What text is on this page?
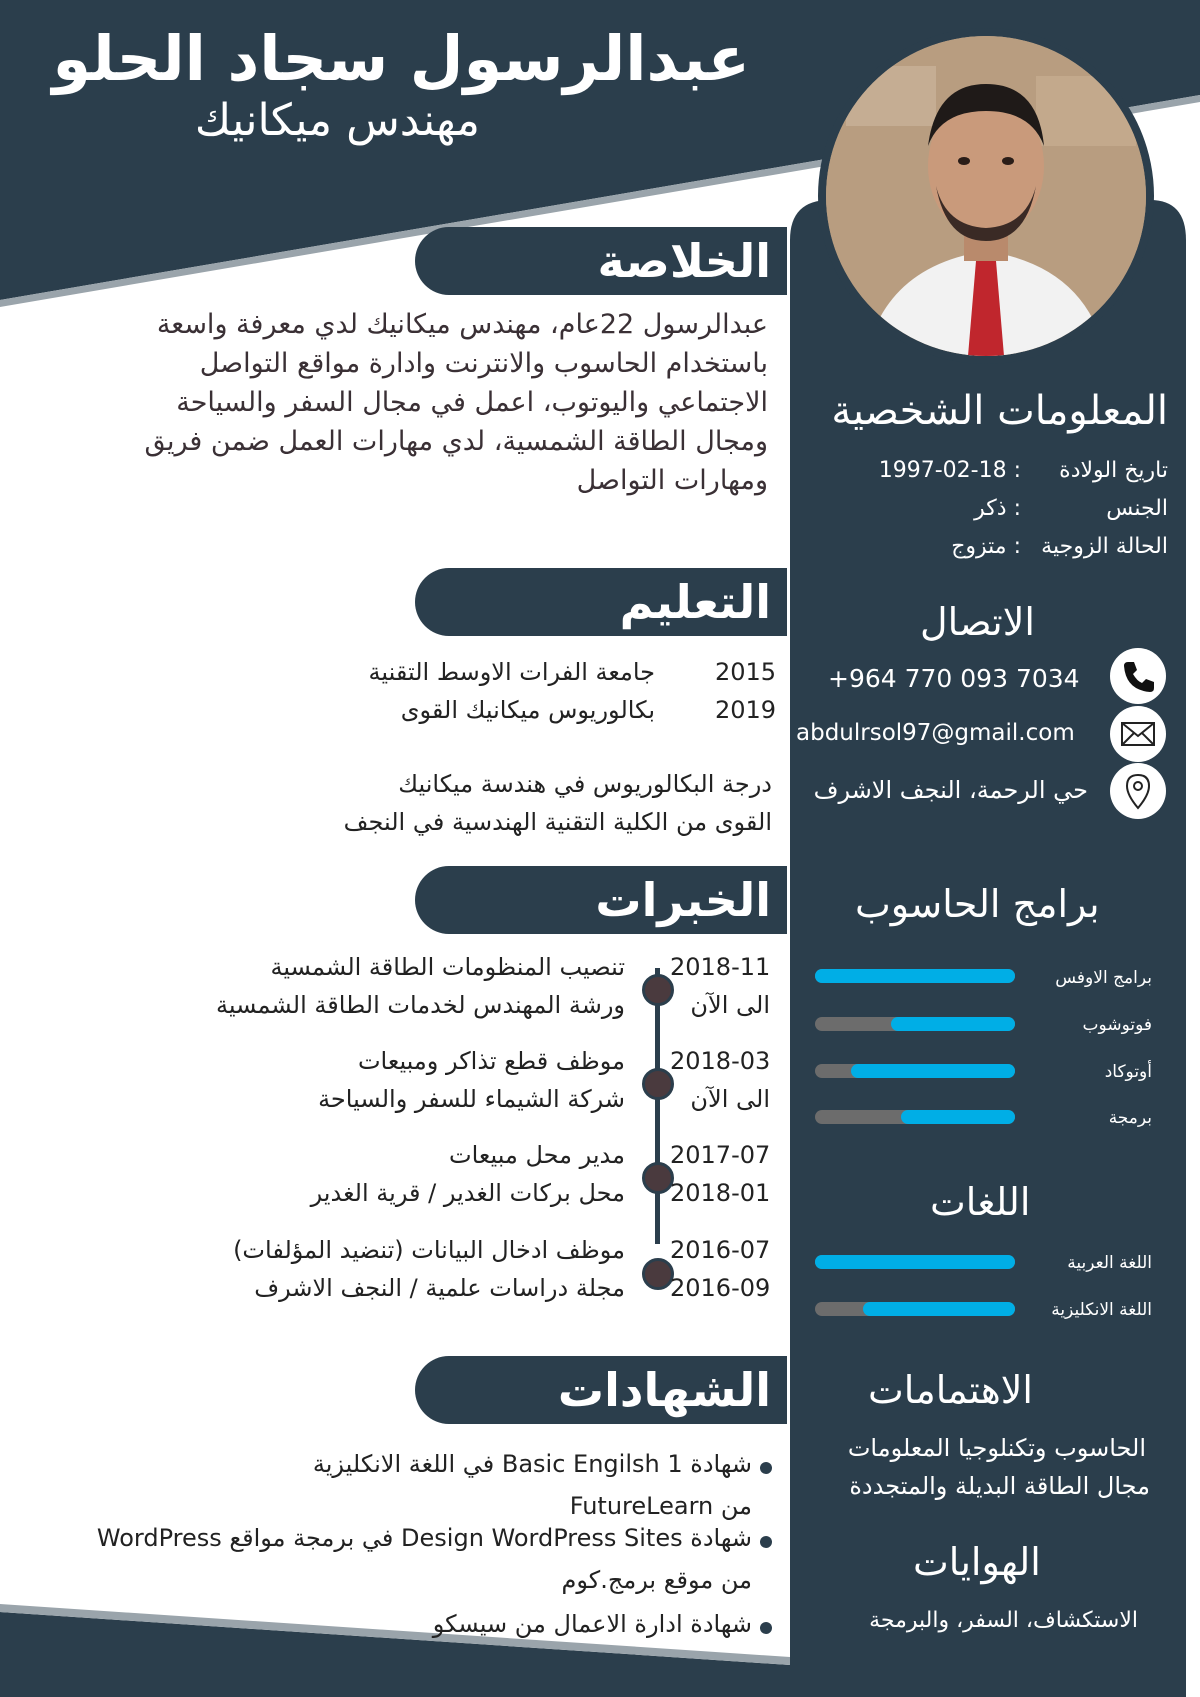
عبدالرسول سجاد الحلو
مهندس ميكانيك
الخلاصة
عبدالرسول 22عام، مهندس ميكانيك لدي معرفة واسعة
باستخدام الحاسوب والانترنت وادارة مواقع التواصل
الاجتماعي واليوتوب، اعمل في مجال السفر والسياحة
ومجال الطاقة الشمسية، لدي مهارات العمل ضمن فريق
ومهارات التواصل
المعلومات الشخصية
تاريخ الولادة : 1997-02-18
الجنس : ذكر
الحالة الزوجية : متزوج
الاتصال
+964 770 093 7034
abdulrsol97@gmail.com
حي الرحمة، النجف الاشرف
التعليم
2015
جامعة الفرات الاوسط التقنية
2019
بكالوريوس ميكانيك القوى
درجة البكالوريوس في هندسة ميكانيك
القوى من الكلية التقنية الهندسية في النجف
الخبرات
2018-11
الى الآن
تنصيب المنظومات الطاقة الشمسية
ورشة المهندس لخدمات الطاقة الشمسية
2018-03
الى الآن
موظف قطع تذاكر ومبيعات
شركة الشيماء للسفر والسياحة
2017-07
2018-01
مدير محل مبيعات
محل بركات الغدير / قرية الغدير
2016-07
2016-09
موظف ادخال البيانات (تنضيد المؤلفات)
مجلة دراسات علمية / النجف الاشرف
برامج الحاسوب
برامج الاوفس
فوتوشوب
أوتوكاد
برمجة
اللغات
اللغة العربية
اللغة الانكليزية
الشهادات
شهادة Basic Engilsh 1 في اللغة الانكليزية
من FutureLearn
شهادة Design WordPress Sites في برمجة مواقع WordPress
من موقع برمج.كوم
شهادة ادارة الاعمال من سيسكو
الاهتمامات
الحاسوب وتكنلوجيا المعلومات
مجال الطاقة البديلة والمتجددة
الهوايات
الاستكشاف، السفر، والبرمجة
